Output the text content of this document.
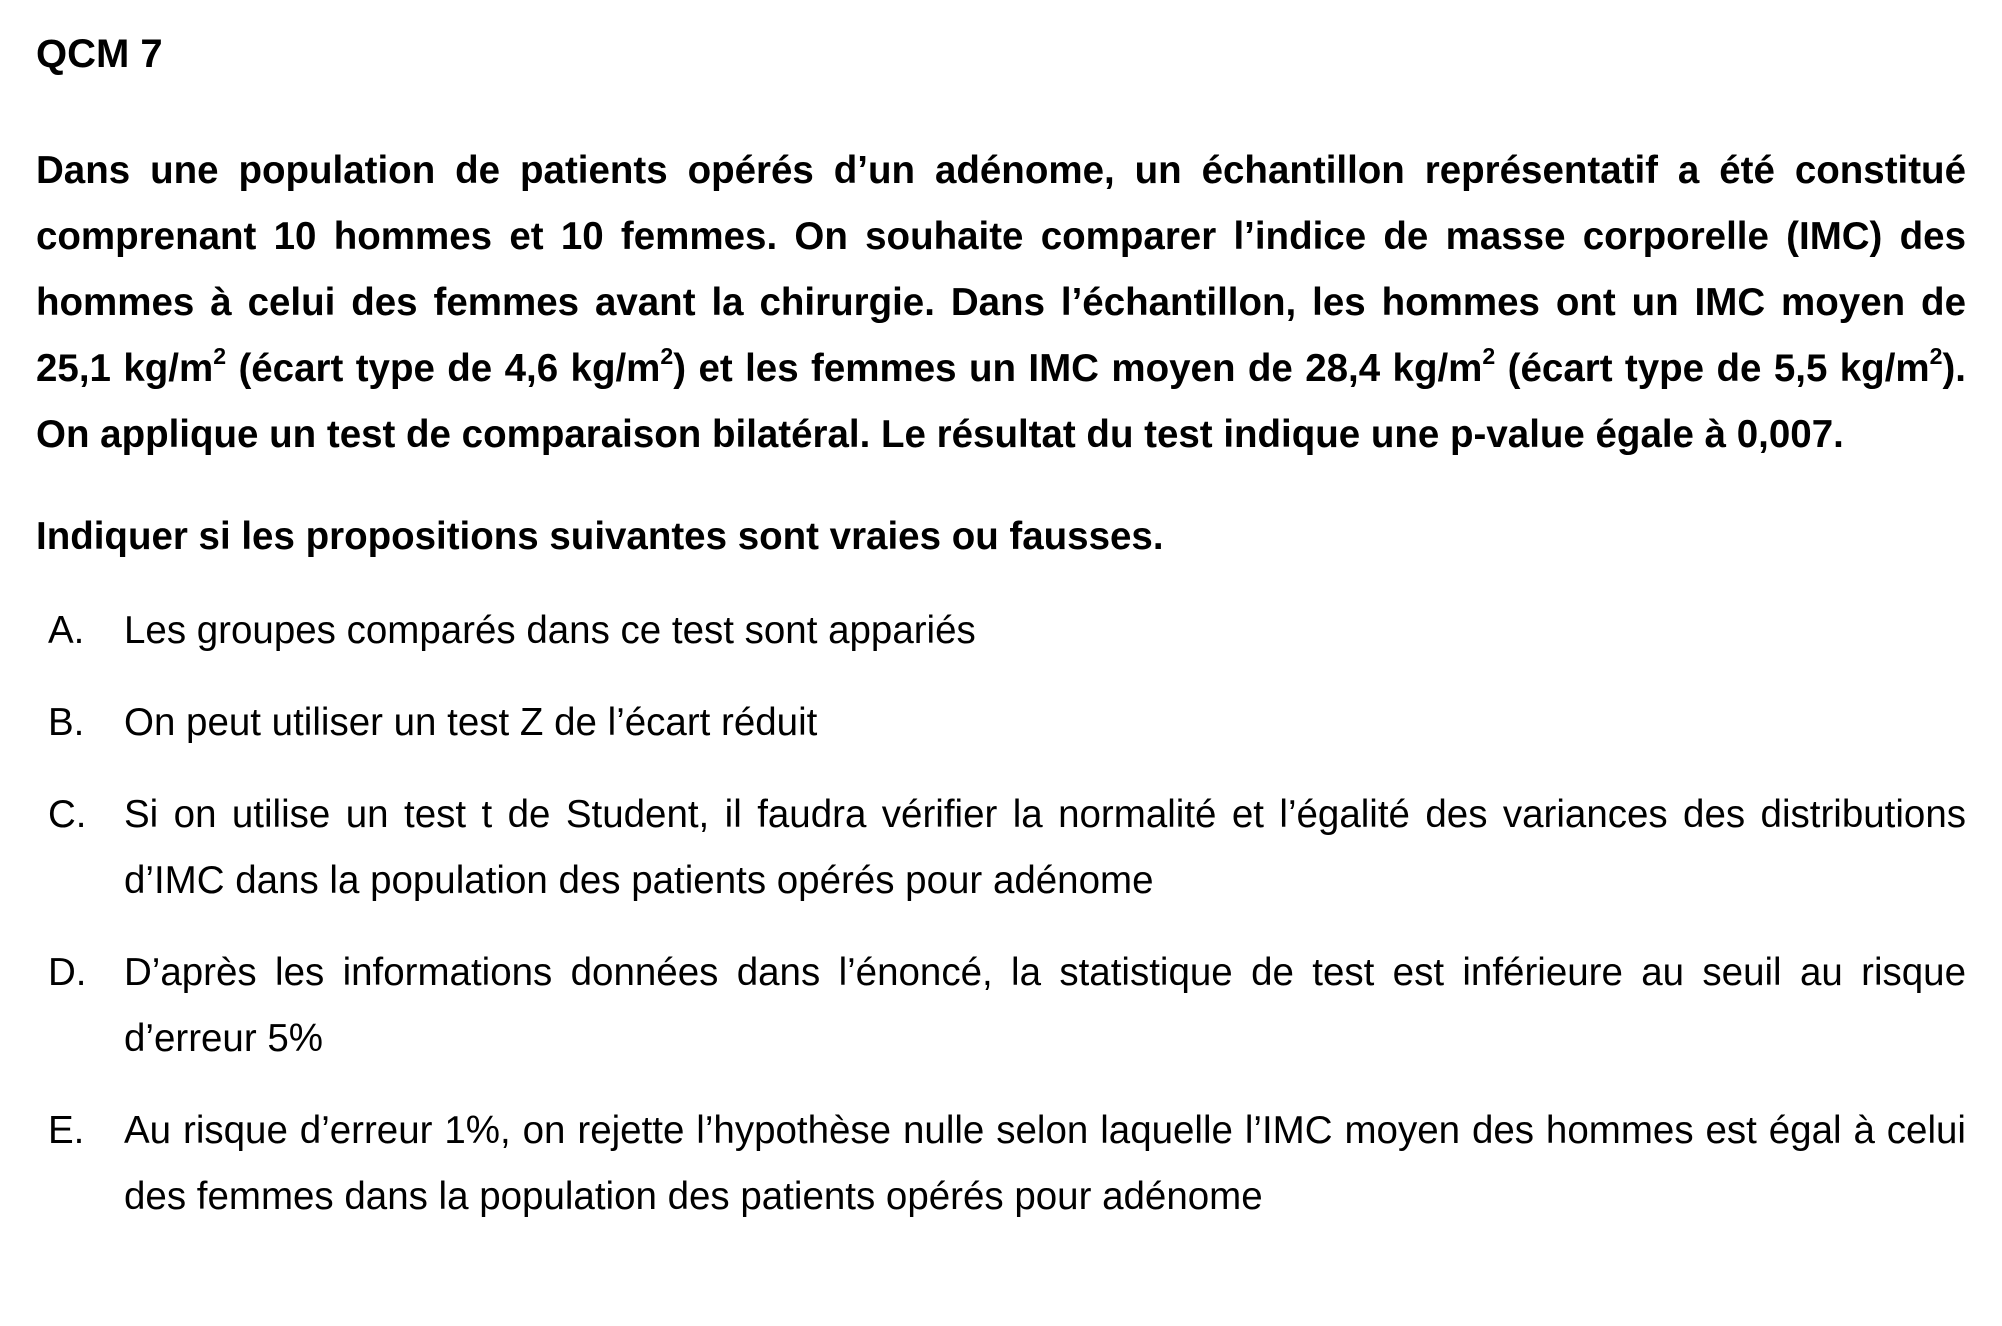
QCM 7

Dans une population de patients opérés d’un adénome, un échantillon représentatif a été constitué comprenant 10 hommes et 10 femmes. On souhaite comparer l’indice de masse corporelle (IMC) des hommes à celui des femmes avant la chirurgie. Dans l’échantillon, les hommes ont un IMC moyen de 25,1 $kg/m^2$ (écart type de 4,6 $kg/m^2$) et les femmes un IMC moyen de 28,4 $kg/m^2$ (écart type de 5,5 $kg/m^2$). On applique un test de comparaison bilatéral. Le résultat du test indique une p-value égale à 0,007.

Indiquer si les propositions suivantes sont vraies ou fausses.
A.	Les groupes comparés dans ce test sont appariés
B.	On peut utiliser un test Z de l’écart réduit
C. Si on utilise un test t de Student, il faudra vérifier la normalité et l’égalité des variances des distributions d’IMC dans la population des patients opérés pour adénome
D. D’après les informations données dans l’énoncé, la statistique de test est inférieure au seuil au risque d’erreur 5%
E.	Au risque d’erreur 1%, on rejette l’hypothèse nulle selon laquelle l’IMC moyen des hommes est égal à celui des femmes dans la population des patients opérés pour adénome
